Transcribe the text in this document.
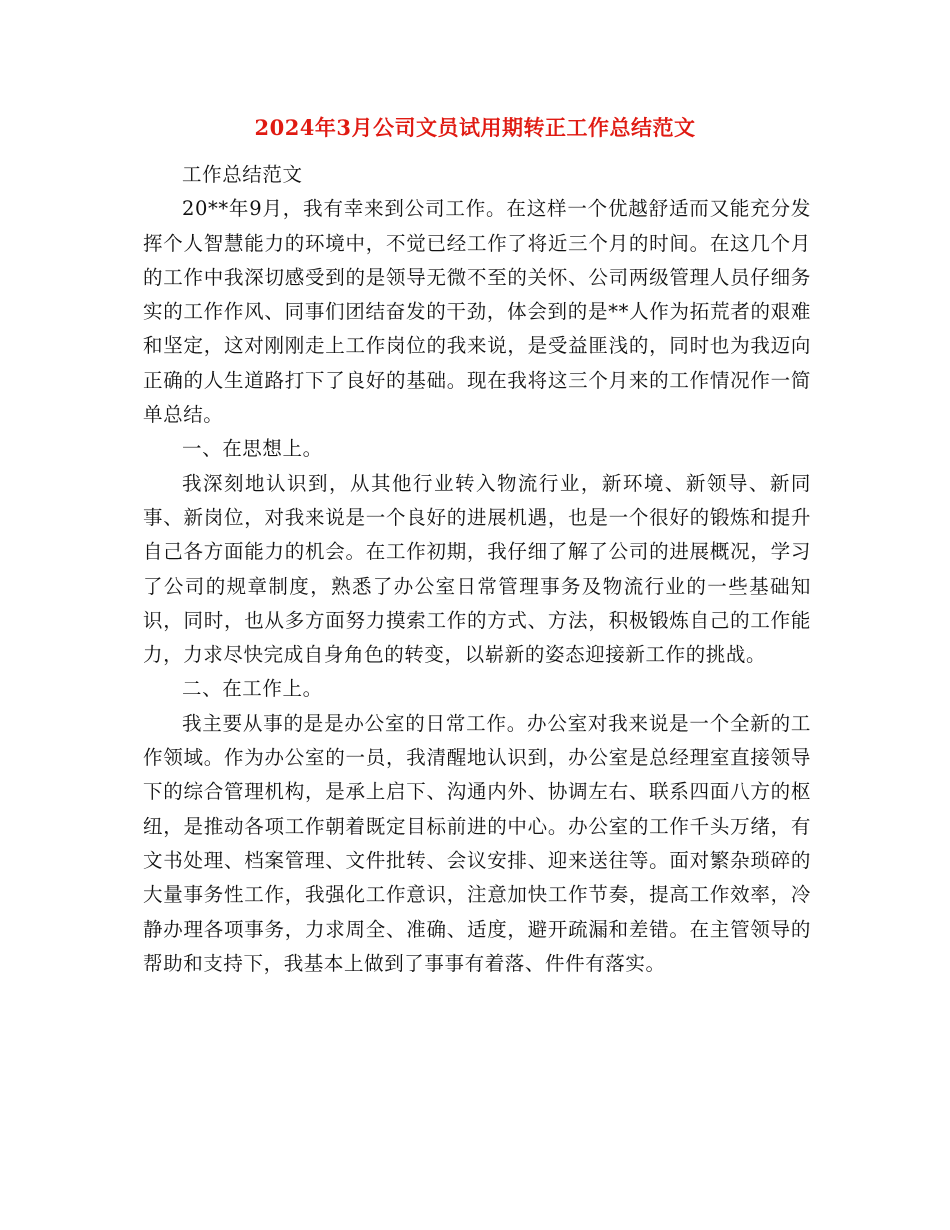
2024年3月公司文员试用期转正工作总结范文

工作总结范文

20**年9月，我有幸来到公司工作。在这样一个优越舒适而又能充分发挥个人智慧能力的环境中，不觉已经工作了将近三个月的时间。在这几个月的工作中我深切感受到的是领导无微不至的关怀、公司两级管理人员仔细务实的工作作风、同事们团结奋发的干劲，体会到的是**人作为拓荒者的艰难和坚定，这对刚刚走上工作岗位的我来说，是受益匪浅的，同时也为我迈向正确的人生道路打下了良好的基础。现在我将这三个月来的工作情况作一简单总结。

一、在思想上。

我深刻地认识到，从其他行业转入物流行业，新环境、新领导、新同事、新岗位，对我来说是一个良好的进展机遇，也是一个很好的锻炼和提升自己各方面能力的机会。在工作初期，我仔细了解了公司的进展概况，学习了公司的规章制度，熟悉了办公室日常管理事务及物流行业的一些基础知识，同时，也从多方面努力摸索工作的方式、方法，积极锻炼自己的工作能力，力求尽快完成自身角色的转变，以崭新的姿态迎接新工作的挑战。

二、在工作上。

我主要从事的是是办公室的日常工作。办公室对我来说是一个全新的工作领域。作为办公室的一员，我清醒地认识到，办公室是总经理室直接领导下的综合管理机构，是承上启下、沟通内外、协调左右、联系四面八方的枢纽，是推动各项工作朝着既定目标前进的中心。办公室的工作千头万绪，有文书处理、档案管理、文件批转、会议安排、迎来送往等。面对繁杂琐碎的大量事务性工作，我强化工作意识，注意加快工作节奏，提高工作效率，冷静办理各项事务，力求周全、准确、适度，避开疏漏和差错。在主管领导的帮助和支持下，我基本上做到了事事有着落、件件有落实。
